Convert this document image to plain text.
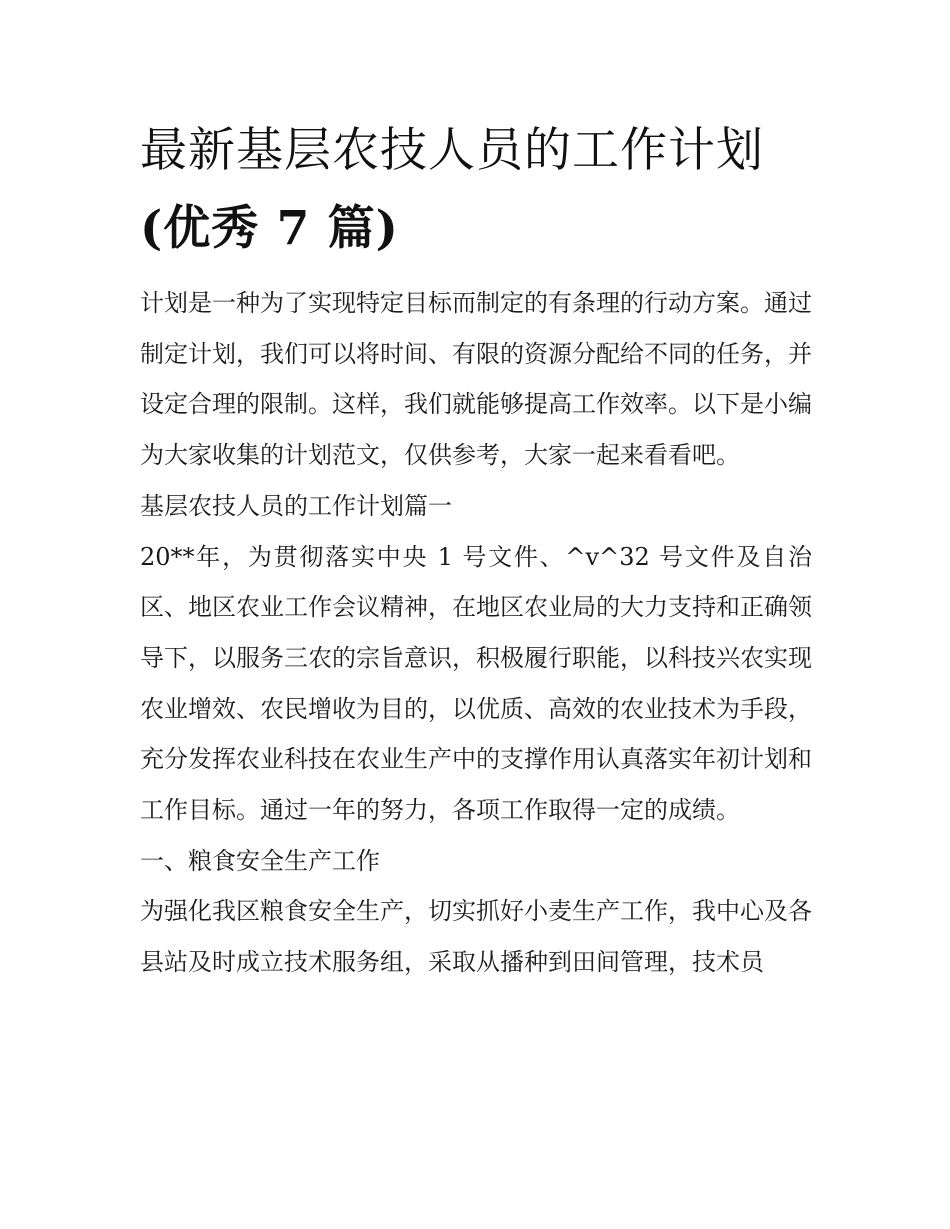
最新基层农技人员的工作计划
(优秀 7 篇)

计划是一种为了实现特定目标而制定的有条理的行动方案。通过制定计划，我们可以将时间、有限的资源分配给不同的任务，并设定合理的限制。这样，我们就能够提高工作效率。以下是小编为大家收集的计划范文，仅供参考，大家一起来看看吧。

基层农技人员的工作计划篇一

20**年，为贯彻落实中央 1 号文件、^v^32 号文件及自治区、地区农业工作会议精神，在地区农业局的大力支持和正确领导下，以服务三农的宗旨意识，积极履行职能，以科技兴农实现农业增效、农民增收为目的，以优质、高效的农业技术为手段，充分发挥农业科技在农业生产中的支撑作用认真落实年初计划和工作目标。通过一年的努力，各项工作取得一定的成绩。

一、粮食安全生产工作

为强化我区粮食安全生产，切实抓好小麦生产工作，我中心及各县站及时成立技术服务组，采取从播种到田间管理，技术员
